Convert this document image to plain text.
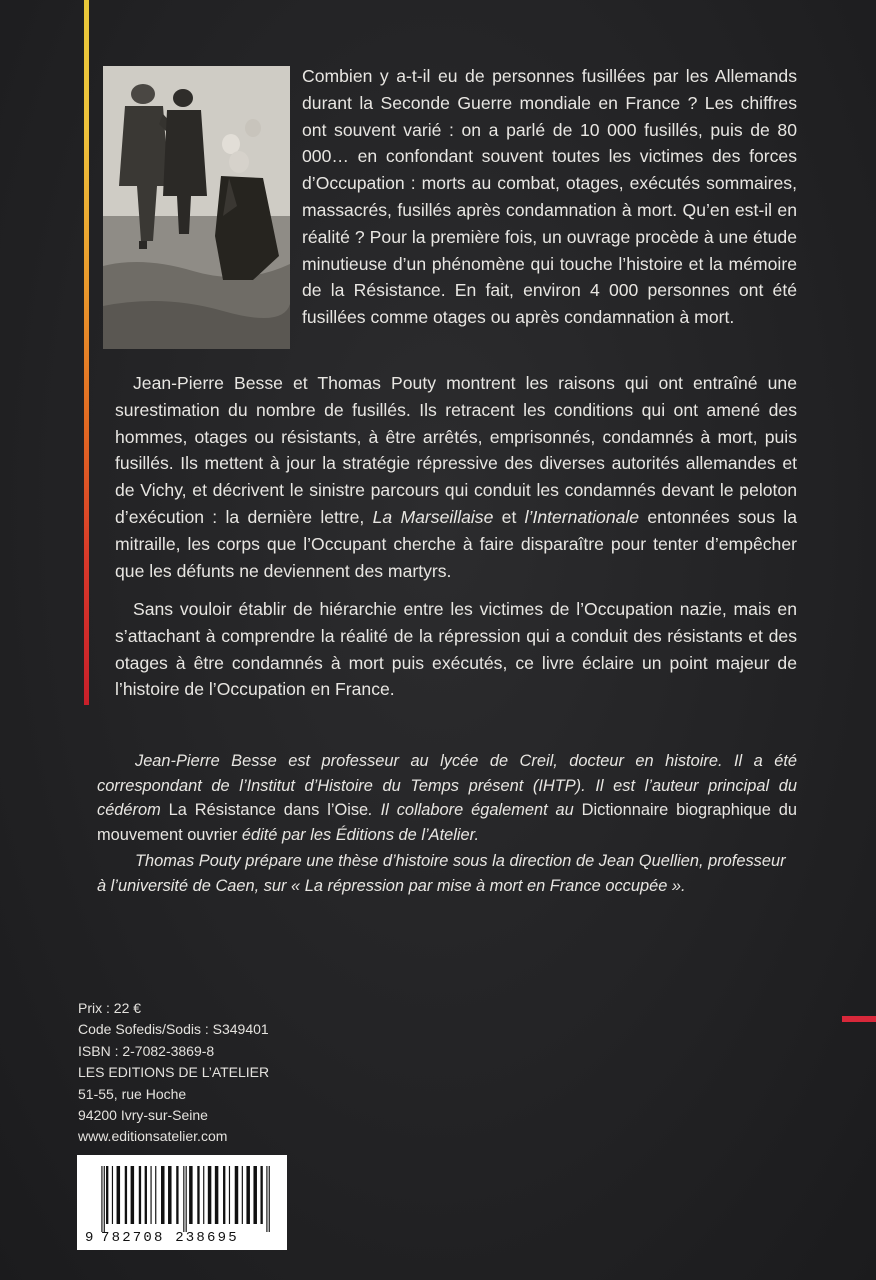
Combien y a-t-il eu de personnes fusillées par les Allemands durant la Seconde Guerre mondiale en France ? Les chiffres ont souvent varié : on a parlé de 10 000 fusillés, puis de 80 000… en confondant souvent toutes les victimes des forces d’Occupation : morts au combat, otages, exécutés sommaires, massacrés, fusillés après condamnation à mort. Qu’en est-il en réalité ? Pour la première fois, un ouvrage procède à une étude minutieuse d’un phénomène qui touche l’histoire et la mémoire de la Résistance. En fait, environ 4 000 personnes ont été fusillées comme otages ou après condamnation à mort.

Jean-Pierre Besse et Thomas Pouty montrent les raisons qui ont entraîné une surestimation du nombre de fusillés. Ils retracent les conditions qui ont amené des hommes, otages ou résistants, à être arrêtés, emprisonnés, condamnés à mort, puis fusillés. Ils mettent à jour la stratégie répressive des diverses autorités allemandes et de Vichy, et décrivent le sinistre parcours qui conduit les condamnés devant le peloton d’exécution : la dernière lettre, La Marseillaise et l’Internationale entonnées sous la mitraille, les corps que l’Occupant cherche à faire disparaître pour tenter d’empêcher que les défunts ne deviennent des martyrs.

Sans vouloir établir de hiérarchie entre les victimes de l’Occupation nazie, mais en s’attachant à comprendre la réalité de la répression qui a conduit des résistants et des otages à être condamnés à mort puis exécutés, ce livre éclaire un point majeur de l’histoire de l’Occupation en France.

Jean-Pierre Besse est professeur au lycée de Creil, docteur en histoire. Il a été correspondant de l’Institut d’Histoire du Temps présent (IHTP). Il est l’auteur principal du cédérom La Résistance dans l’Oise. Il collabore également au Dictionnaire biographique du mouvement ouvrier édité par les Éditions de l’Atelier.

Thomas Pouty prépare une thèse d’histoire sous la direction de Jean Quellien, professeur à l’université de Caen, sur « La répression par mise à mort en France occupée ».

Prix : 22 €
Code Sofedis/Sodis : S349401
ISBN : 2-7082-3869-8
LES EDITIONS DE L’ATELIER
51-55, rue Hoche
94200 Ivry-sur-Seine
www.editionsatelier.com
9 782708 238695
